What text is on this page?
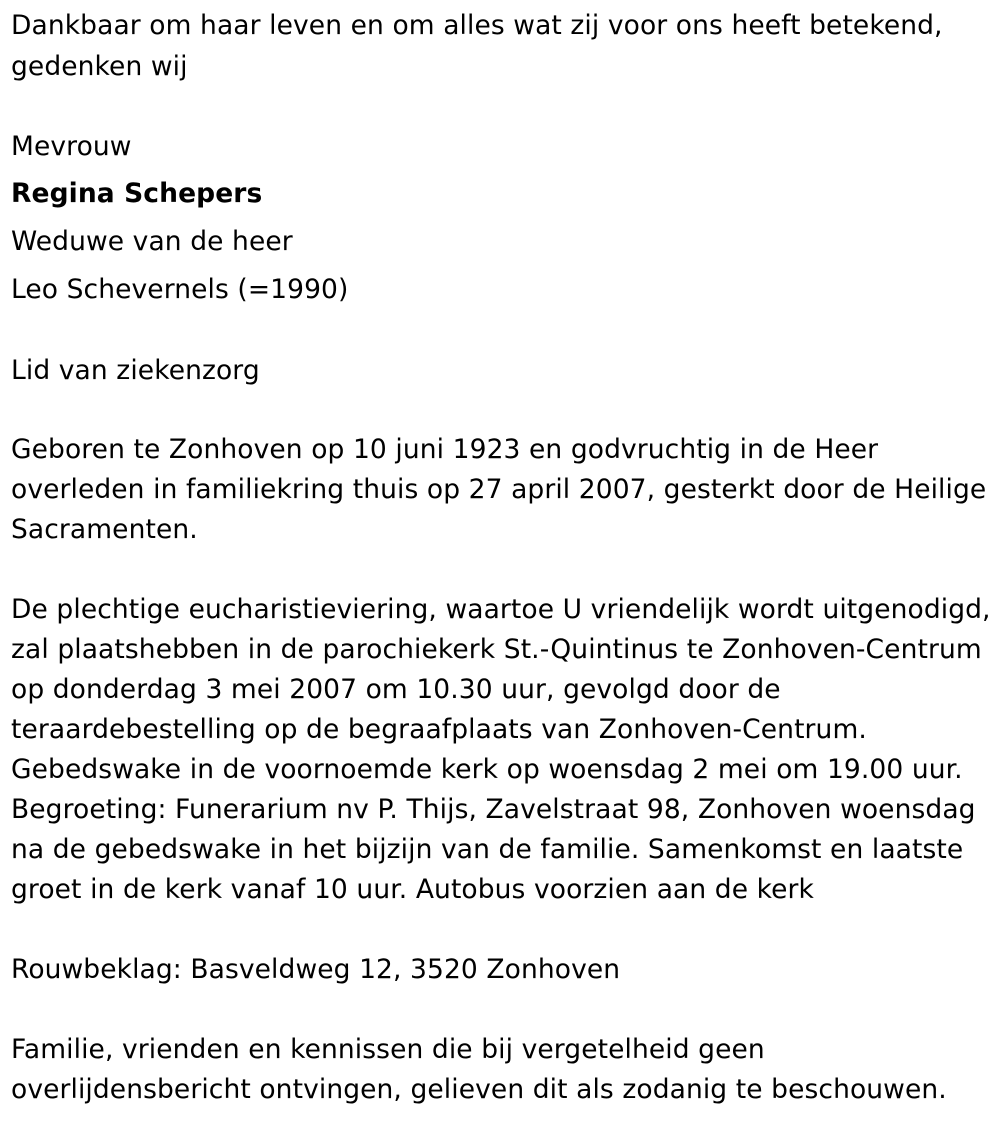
Dankbaar om haar leven en om alles wat zij voor ons heeft betekend,
gedenken wij
Mevrouw
Regina Schepers
Weduwe van de heer
Leo Schevernels (=1990)
Lid van ziekenzorg
Geboren te Zonhoven op 10 juni 1923 en godvruchtig in de Heer
overleden in familiekring thuis op 27 april 2007, gesterkt door de Heilige
Sacramenten.
De plechtige eucharistieviering, waartoe U vriendelijk wordt uitgenodigd,
zal plaatshebben in de parochiekerk St.-Quintinus te Zonhoven-Centrum
op donderdag 3 mei 2007 om 10.30 uur, gevolgd door de
teraardebestelling op de begraafplaats van Zonhoven-Centrum.
Gebedswake in de voornoemde kerk op woensdag 2 mei om 19.00 uur.
Begroeting: Funerarium nv P. Thijs, Zavelstraat 98, Zonhoven woensdag
na de gebedswake in het bijzijn van de familie. Samenkomst en laatste
groet in de kerk vanaf 10 uur. Autobus voorzien aan de kerk
Rouwbeklag: Basveldweg 12, 3520 Zonhoven
Familie, vrienden en kennissen die bij vergetelheid geen
overlijdensbericht ontvingen, gelieven dit als zodanig te beschouwen.
